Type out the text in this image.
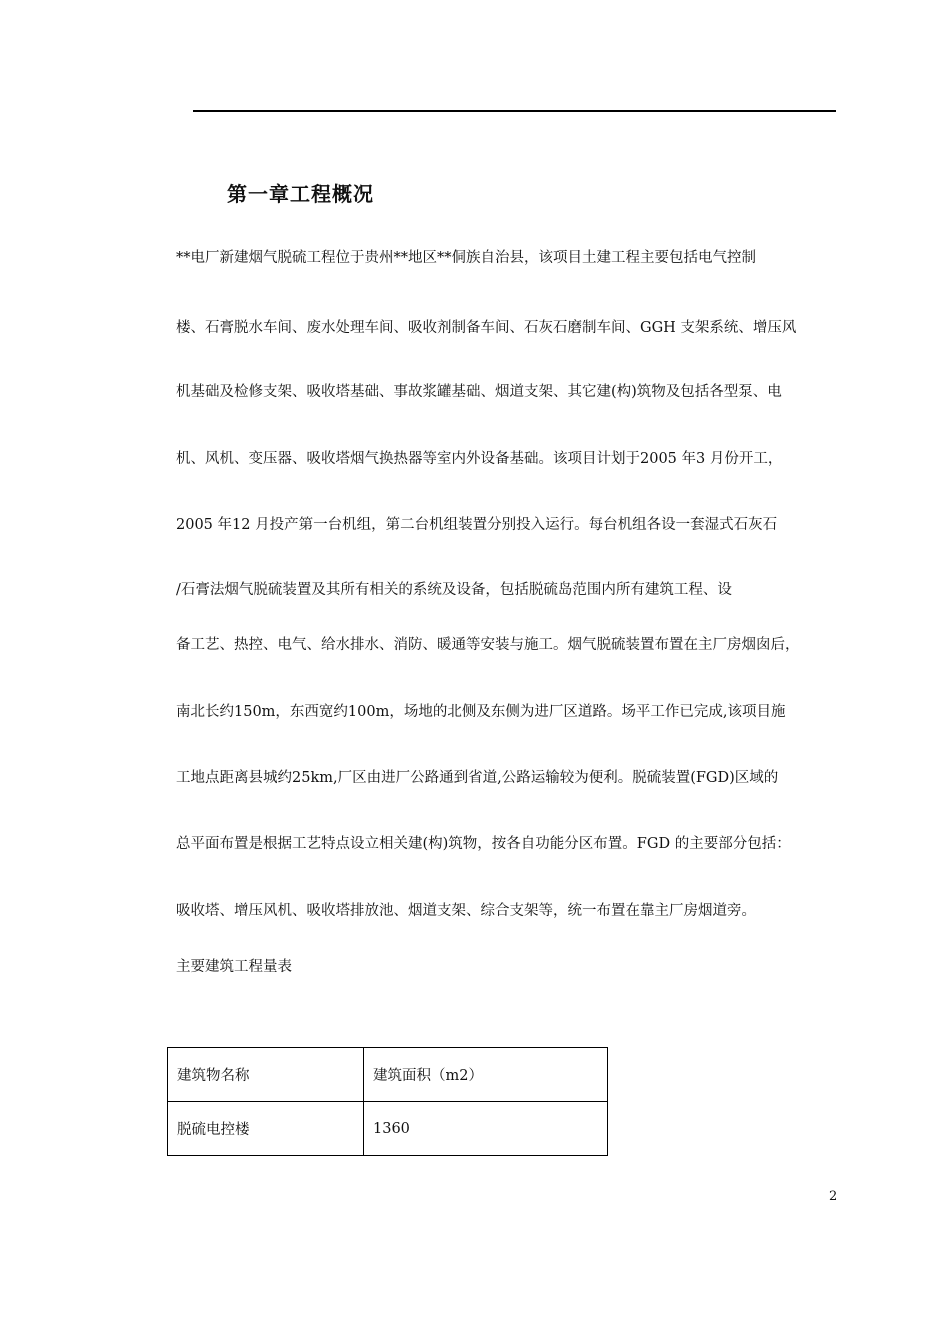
第一章工程概况
**电厂新建烟气脱硫工程位于贵州**地区**侗族自治县，该项目土建工程主要包括电气控制
楼、石膏脱水车间、废水处理车间、吸收剂制备车间、石灰石磨制车间、GGH 支架系统、增压风
机基础及检修支架、吸收塔基础、事故浆罐基础、烟道支架、其它建(构)筑物及包括各型泵、电
机、风机、变压器、吸收塔烟气换热器等室内外设备基础。该项目计划于2005 年3 月份开工，
2005 年12 月投产第一台机组，第二台机组装置分别投入运行。每台机组各设一套湿式石灰石
/石膏法烟气脱硫装置及其所有相关的系统及设备，包括脱硫岛范围内所有建筑工程、设
备工艺、热控、电气、给水排水、消防、暖通等安装与施工。烟气脱硫装置布置在主厂房烟囱后，
南北长约150m，东西宽约100m，场地的北侧及东侧为进厂区道路。场平工作已完成,该项目施
工地点距离县城约25km,厂区由进厂公路通到省道,公路运输较为便利。脱硫装置(FGD)区域的
总平面布置是根据工艺特点设立相关建(构)筑物，按各自功能分区布置。FGD 的主要部分包括：
吸收塔、增压风机、吸收塔排放池、烟道支架、综合支架等，统一布置在靠主厂房烟道旁。
主要建筑工程量表
建筑物名称	建筑面积（m2）
脱硫电控楼	1360
2
